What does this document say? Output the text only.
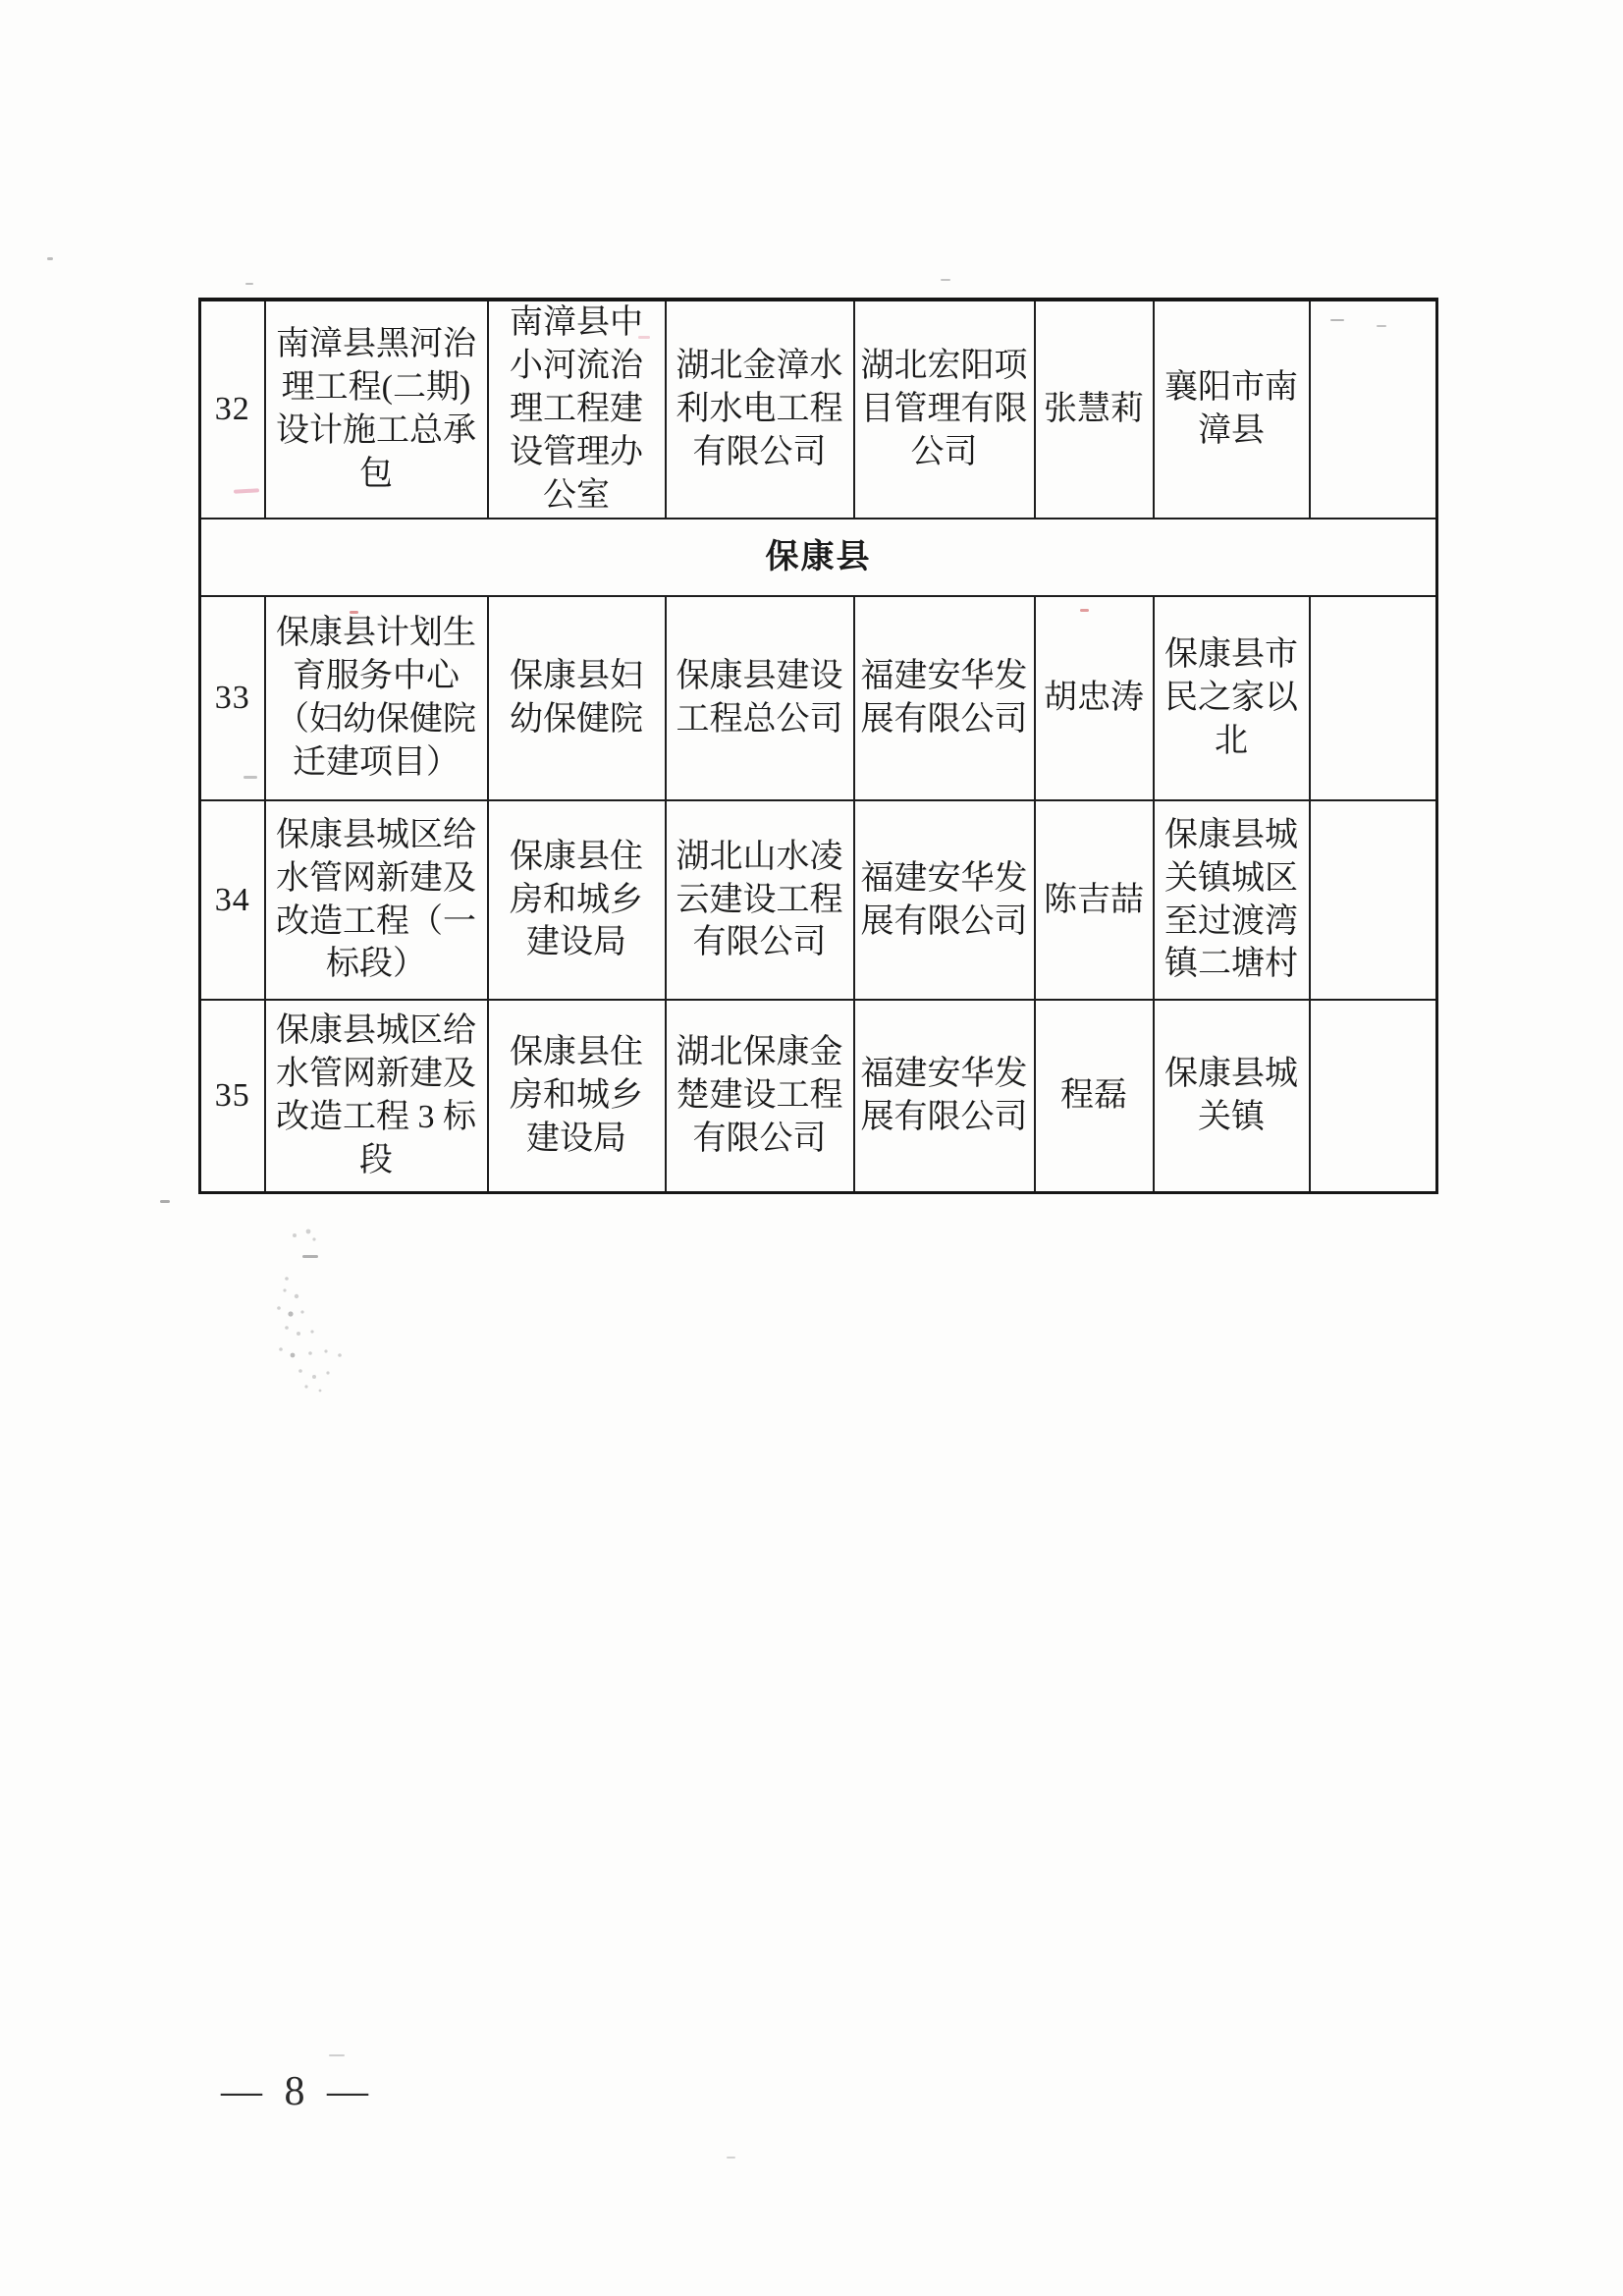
32	南漳县黑河治理工程(二期)设计施工总承包	南漳县中小河流治理工程建设管理办公室	湖北金漳水利水电工程有限公司	湖北宏阳项目管理有限公司	张慧莉	襄阳市南漳县	
保康县							
33	保康县计划生育服务中心（妇幼保健院迁建项目）	保康县妇幼保健院	保康县建设工程总公司	福建安华发展有限公司	胡忠涛	保康县市民之家以北	
34	保康县城区给水管网新建及改造工程（一标段）	保康县住房和城乡建设局	湖北山水凌云建设工程有限公司	福建安华发展有限公司	陈吉喆	保康县城关镇城区至过渡湾镇二塘村	
35	保康县城区给水管网新建及改造工程 3 标段	保康县住房和城乡建设局	湖北保康金楚建设工程有限公司	福建安华发展有限公司	程磊	保康县城关镇	
— 8 —
